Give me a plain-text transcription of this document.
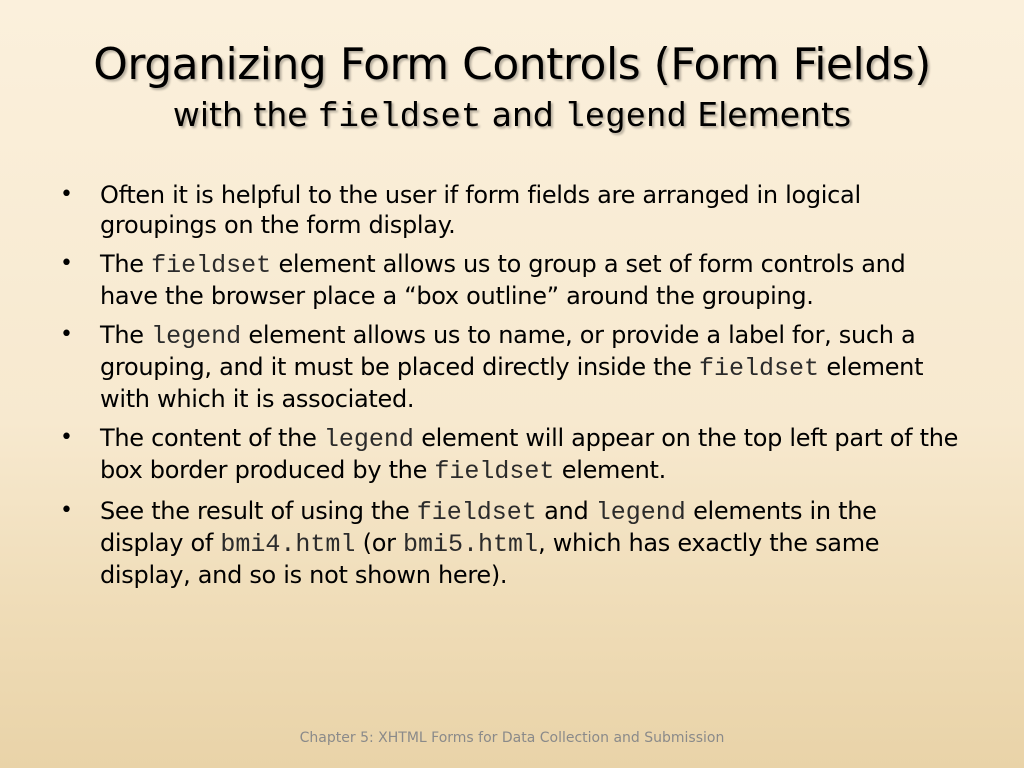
Organizing Form Controls (Form Fields)
with the fieldset and legend Elements
•	Often it is helpful to the user if form fields are arranged in logical groupings on the form display.
•	The fieldset element allows us to group a set of form controls and have the browser place a “box outline” around the grouping.
•	The legend element allows us to name, or provide a label for, such a grouping, and it must be placed directly inside the fieldset element with which it is associated.
•	The content of the legend element will appear on the top left part of the box border produced by the fieldset element.
•	See the result of using the fieldset and legend elements in the display of bmi4.html (or bmi5.html, which has exactly the same display, and so is not shown here).
Chapter 5: XHTML Forms for Data Collection and Submission
